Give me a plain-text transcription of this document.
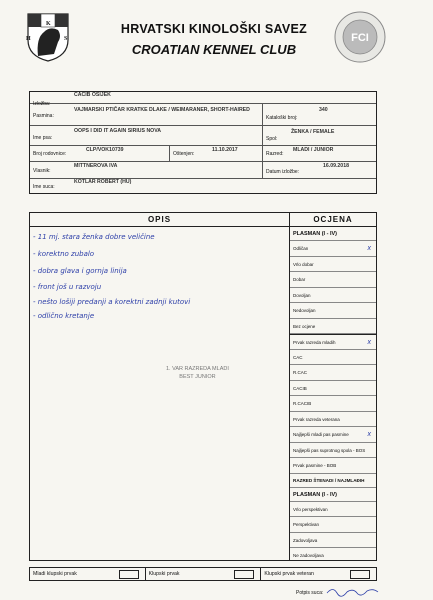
H	S
K	HRVATSKI KINOLOŠKI SAVEZ
CROATIAN KENNEL CLUB
FCI
Izložba:
CACIB OSIJEK
Pasmina:
VAJMARSKI PTIČAR KRATKE DLAKE / WEIMARANER, SHORT-HAIRED
Kataloški broj:
340
Ime psa:
OOPS I DID IT AGAIN SIRIUS NOVA
Spol:
ŽENKA / FEMALE
Broj rodovnice:
CLP/VOK10739
Oštenjen:
11.10.2017
Razred:
MLADI / JUNIOR
Vlasnik:
MITTNEROVA IVA
Datum izložbe:
16.09.2018
Ime suca:
KOTLAR ROBERT (HU)
OPIS
- 11 mj. stara ženka dobre veličine
- korektno zubalo
- dobra glava i gornja linija
- front još u razvoju
- nešto lošiji predanji a korektni zadnji kutovi
- odlično kretanje
1. VAR RAZREDA MLADI
BEST JUNIOR
OCJENA
PLASMAN (I - IV)
Odličan	x
Vrlo dobar
Dobar
Dovoljan
Nedovoljan
Bez ocjene
Prvak razreda mladih	x
CAC
R.CAC
CACIB
R.CACIB
Prvak razreda veterana
Najljepši mladi pas pasmine	x
Najljepši pas suprotnog spola - BOS
Prvak pasmine - BOB
RAZRED ŠTENADI / NAJMLAĐIH
PLASMAN (I - IV)
Vrlo perspektivan
Perspektivan
Zadovoljava
Ne zadovoljava
Mladi klupski prvak	Klupski prvak	Klupski prvak veteran
Potpis suca:
